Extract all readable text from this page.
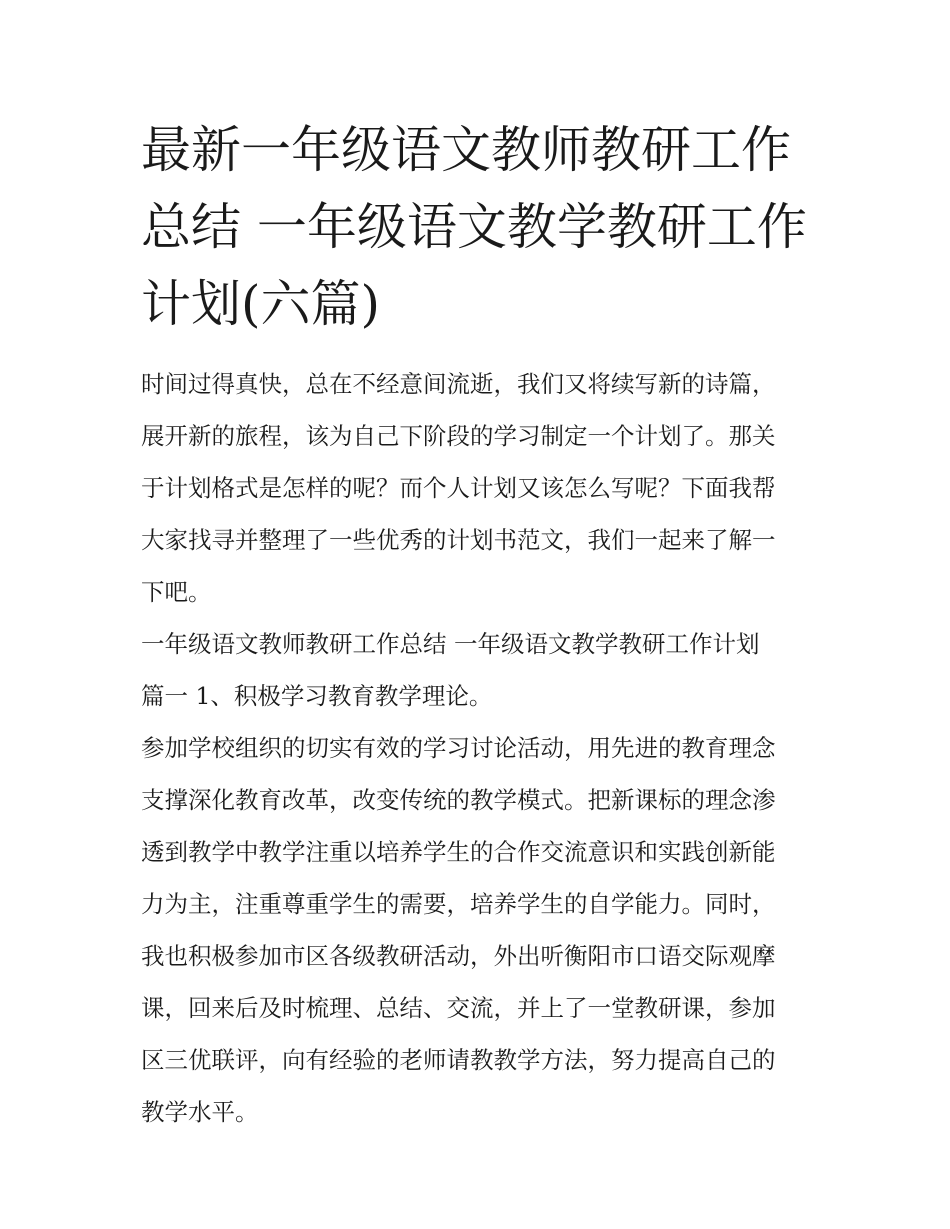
最新一年级语文教师教研工作
总结 一年级语文教学教研工作
计划(六篇)

时间过得真快，总在不经意间流逝，我们又将续写新的诗篇，
展开新的旅程，该为自己下阶段的学习制定一个计划了。那关
于计划格式是怎样的呢？而个人计划又该怎么写呢？下面我帮
大家找寻并整理了一些优秀的计划书范文，我们一起来了解一
下吧。

一年级语文教师教研工作总结 一年级语文教学教研工作计划
篇一 1、积极学习教育教学理论。

参加学校组织的切实有效的学习讨论活动，用先进的教育理念
支撑深化教育改革，改变传统的教学模式。把新课标的理念渗
透到教学中教学注重以培养学生的合作交流意识和实践创新能
力为主，注重尊重学生的需要，培养学生的自学能力。同时，
我也积极参加市区各级教研活动，外出听衡阳市口语交际观摩
课，回来后及时梳理、总结、交流，并上了一堂教研课，参加
区三优联评，向有经验的老师请教教学方法，努力提高自己的
教学水平。
